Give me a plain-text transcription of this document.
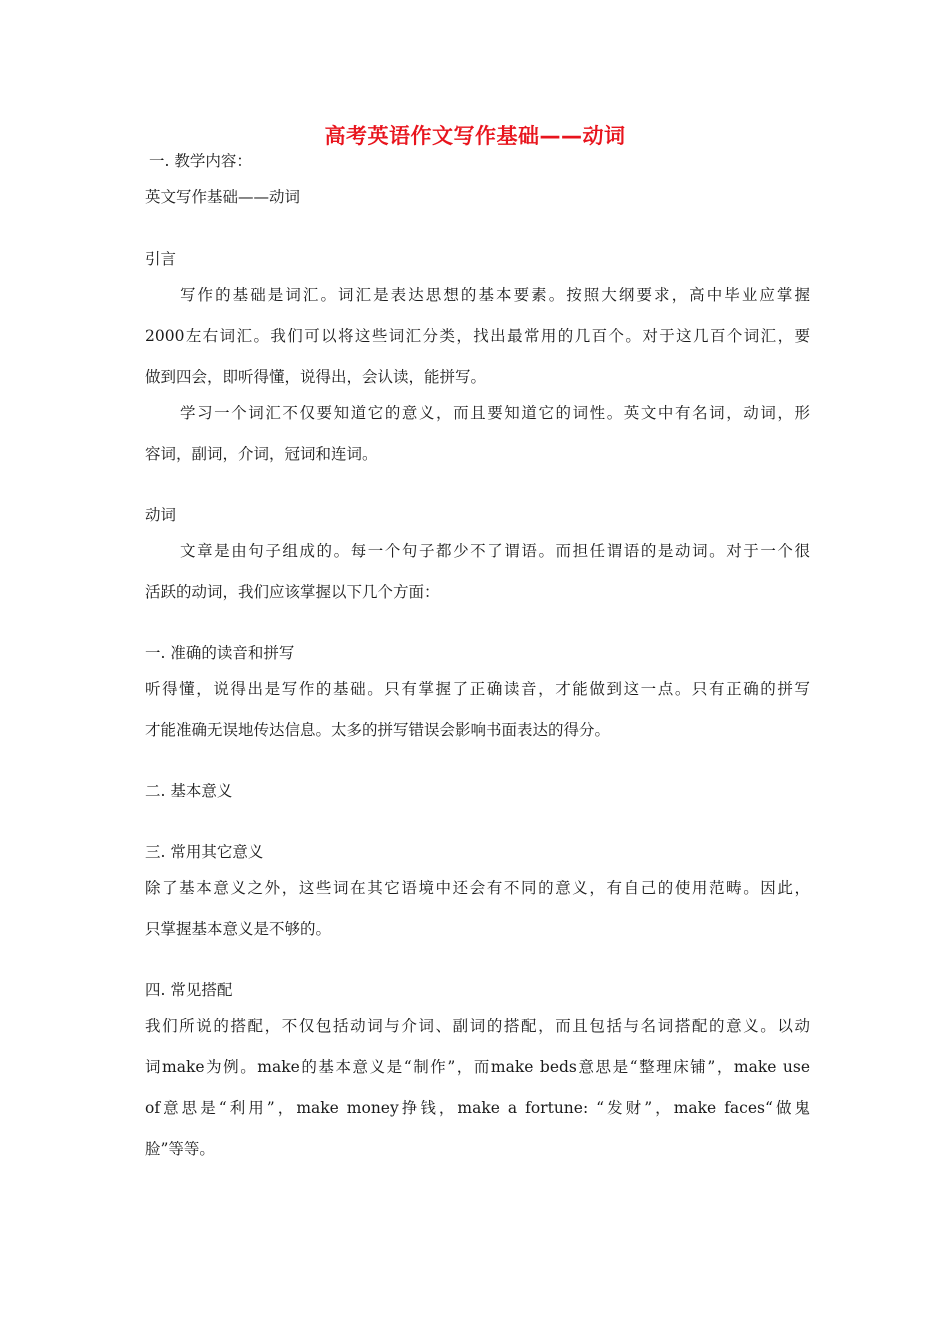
高考英语作文写作基础——动词
一. 教学内容：
英文写作基础——动词
引言
写作的基础是词汇。词汇是表达思想的基本要素。按照大纲要求，高中毕业应掌握
2000左右词汇。我们可以将这些词汇分类，找出最常用的几百个。对于这几百个词汇，要
做到四会，即听得懂，说得出，会认读，能拼写。
学习一个词汇不仅要知道它的意义，而且要知道它的词性。英文中有名词，动词，形
容词，副词，介词，冠词和连词。
动词
文章是由句子组成的。每一个句子都少不了谓语。而担任谓语的是动词。对于一个很
活跃的动词，我们应该掌握以下几个方面：
一. 准确的读音和拼写
听得懂，说得出是写作的基础。只有掌握了正确读音，才能做到这一点。只有正确的拼写
才能准确无误地传达信息。太多的拼写错误会影响书面表达的得分。
二. 基本意义
三. 常用其它意义
除了基本意义之外，这些词在其它语境中还会有不同的意义，有自己的使用范畴。因此，
只掌握基本意义是不够的。
四. 常见搭配
我们所说的搭配，不仅包括动词与介词、副词的搭配，而且包括与名词搭配的意义。以动
词make为例。make的基本意义是“制作”，而make beds意思是“整理床铺”，make use
of意思是“利用”，make money挣钱，make a fortune: “发财”，make faces“做鬼
脸”等等。
